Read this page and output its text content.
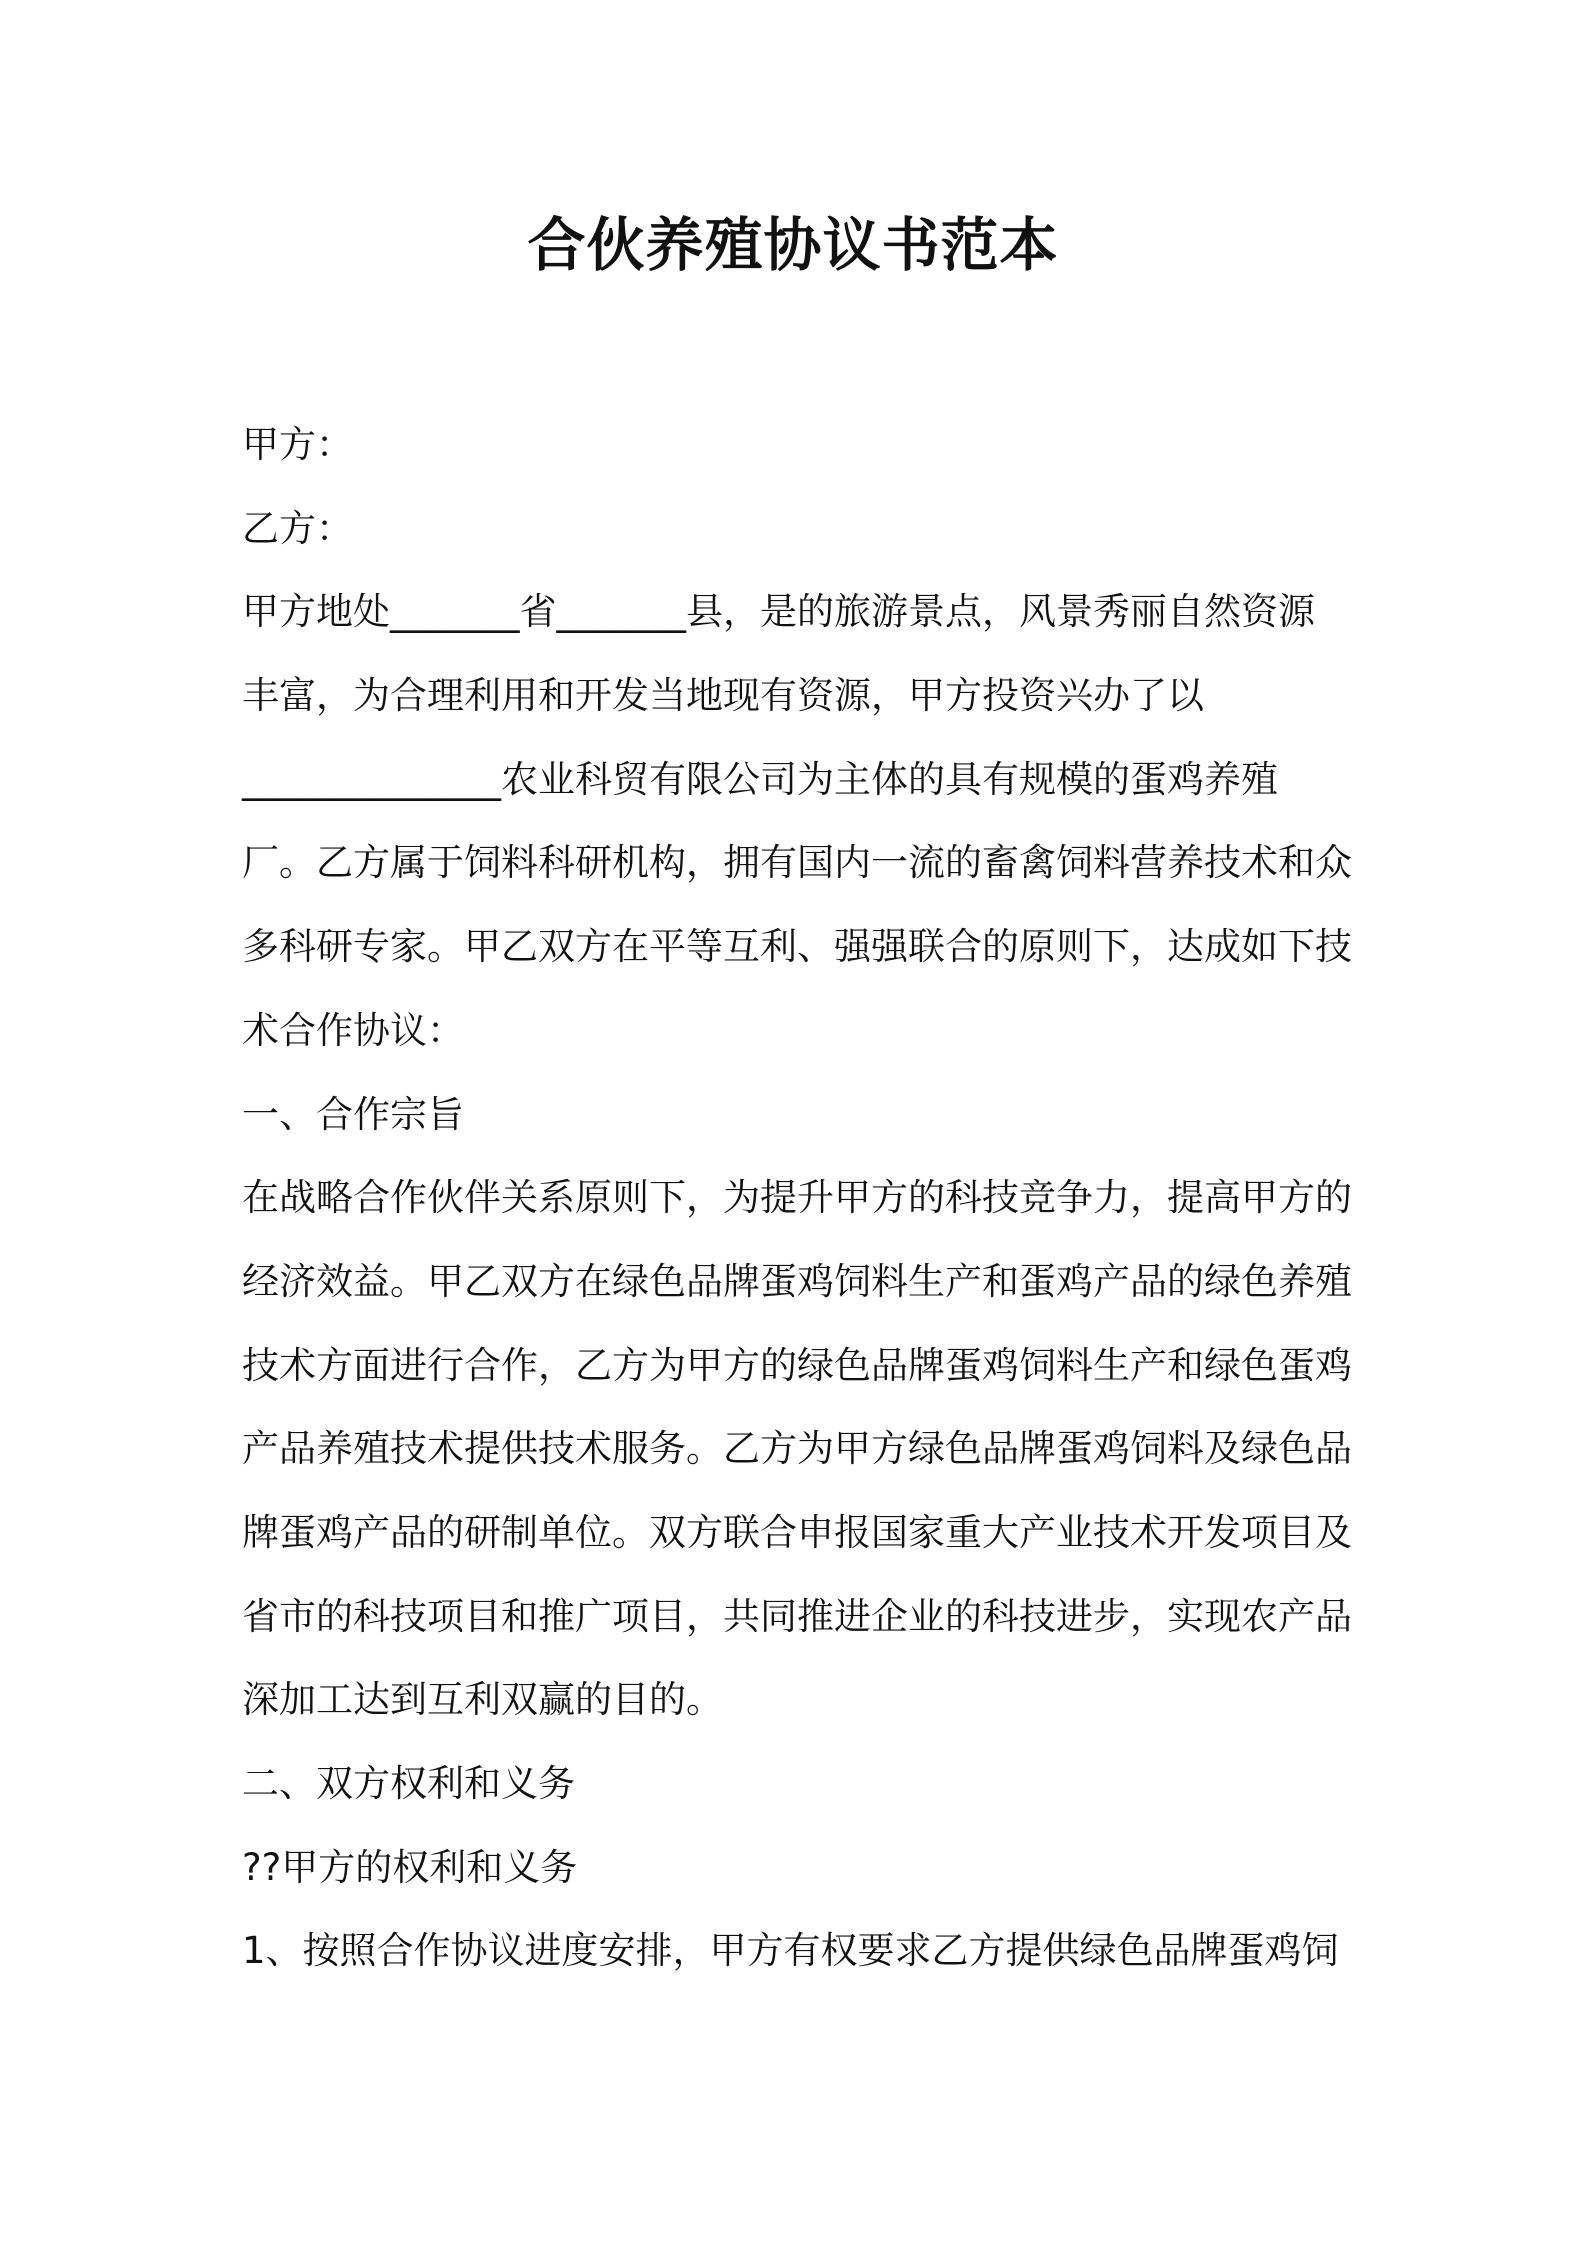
合伙养殖协议书范本
甲方：
乙方：
甲方地处_______省_______县，是的旅游景点，风景秀丽自然资源
丰富，为合理利用和开发当地现有资源，甲方投资兴办了以
______________农业科贸有限公司为主体的具有规模的蛋鸡养殖
厂。乙方属于饲料科研机构，拥有国内一流的畜禽饲料营养技术和众
多科研专家。甲乙双方在平等互利、强强联合的原则下，达成如下技
术合作协议：
一、合作宗旨
在战略合作伙伴关系原则下，为提升甲方的科技竞争力，提高甲方的
经济效益。甲乙双方在绿色品牌蛋鸡饲料生产和蛋鸡产品的绿色养殖
技术方面进行合作，乙方为甲方的绿色品牌蛋鸡饲料生产和绿色蛋鸡
产品养殖技术提供技术服务。乙方为甲方绿色品牌蛋鸡饲料及绿色品
牌蛋鸡产品的研制单位。双方联合申报国家重大产业技术开发项目及
省市的科技项目和推广项目，共同推进企业的科技进步，实现农产品
深加工达到互利双赢的目的。
二、双方权利和义务
??甲方的权利和义务
1、按照合作协议进度安排，甲方有权要求乙方提供绿色品牌蛋鸡饲
